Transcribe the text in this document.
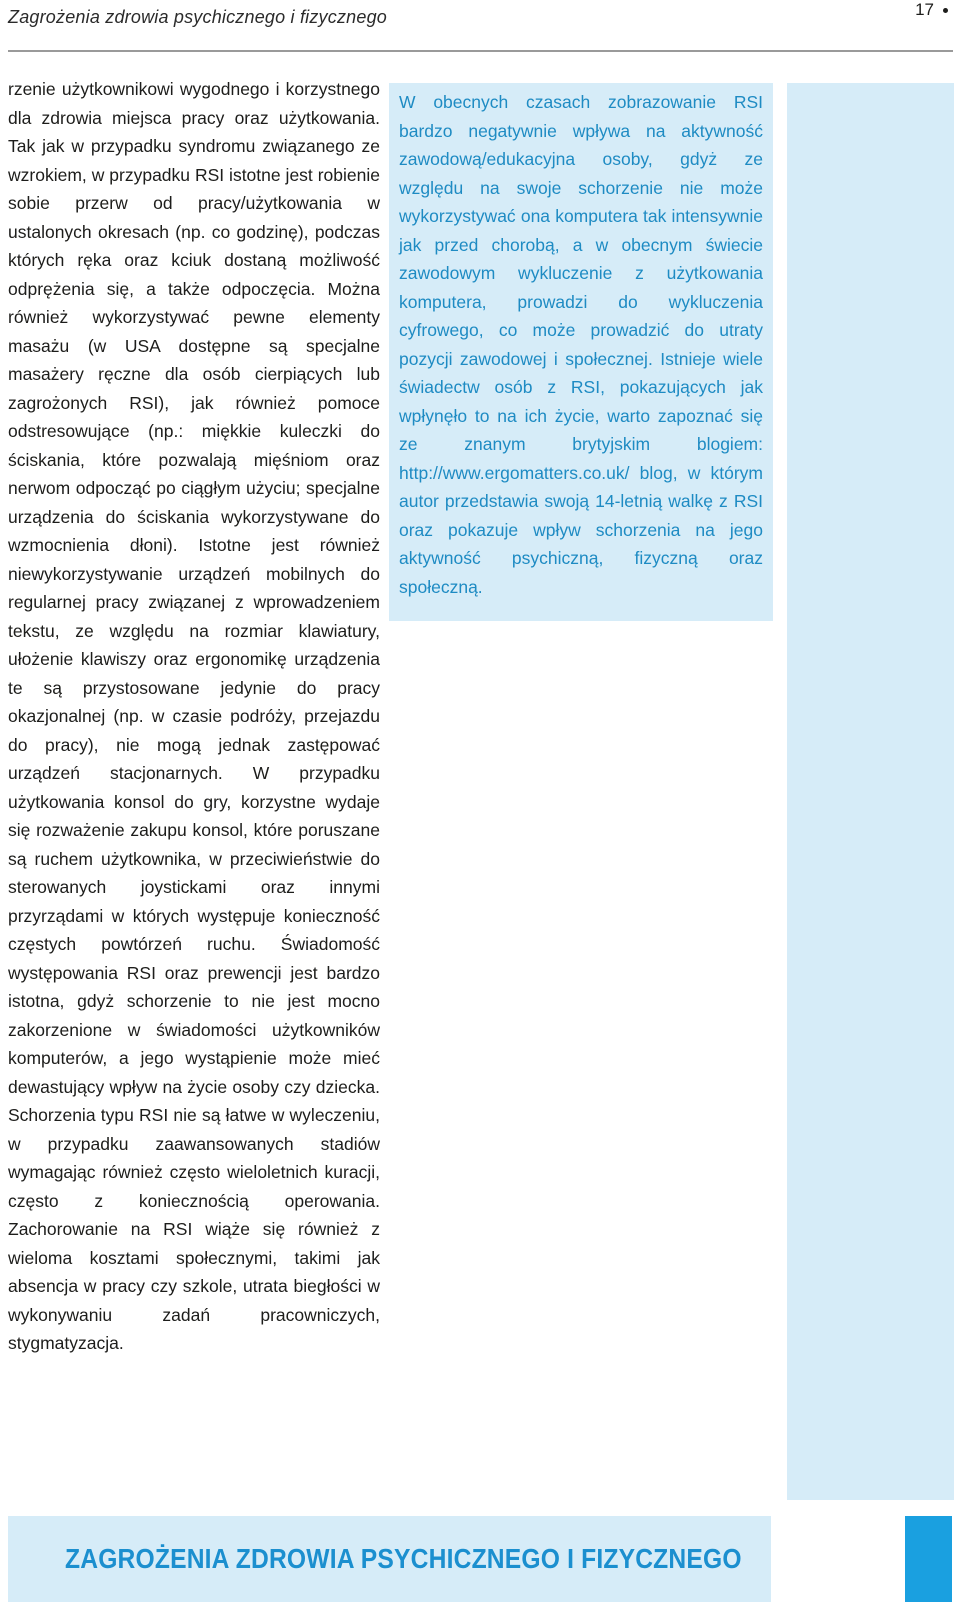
Zagrożenia zdrowia psychicznego i fizycznego	17

rzenie użytkownikowi wygodnego i korzystnego dla zdrowia miejsca pracy oraz użytkowania. Tak jak w przypadku syndromu związanego ze wzrokiem, w przypadku RSI istotne jest robienie sobie przerw od pracy/użytkowania w ustalonych okresach (np. co godzinę), podczas których ręka oraz kciuk dostaną możliwość odprężenia się, a także odpoczęcia. Można również wykorzystywać pewne elementy masażu (w USA dostępne są specjalne masażery ręczne dla osób cierpiących lub zagrożonych RSI), jak również pomoce odstresowujące (np.: miękkie kuleczki do ściskania, które pozwalają mięśniom oraz nerwom odpocząć po ciągłym użyciu; specjalne urządzenia do ściskania wykorzystywane do wzmocnienia dłoni). Istotne jest również niewykorzystywanie urządzeń mobilnych do regularnej pracy związanej z wprowadzeniem tekstu, ze względu na rozmiar klawiatury, ułożenie klawiszy oraz ergonomikę urządzenia te są przystosowane jedynie do pracy okazjonalnej (np. w czasie podróży, przejazdu do pracy), nie mogą jednak zastępować urządzeń stacjonarnych. W przypadku użytkowania konsol do gry, korzystne wydaje się rozważenie zakupu konsol, które poruszane są ruchem użytkownika, w przeciwieństwie do sterowanych joystickami oraz innymi przyrządami w których występuje konieczność częstych powtórzeń ruchu. Świadomość występowania RSI oraz prewencji jest bardzo istotna, gdyż schorzenie to nie jest mocno zakorzenione w świadomości użytkowników komputerów, a jego wystąpienie może mieć dewastujący wpływ na życie osoby czy dziecka. Schorzenia typu RSI nie są łatwe w wyleczeniu, w przypadku zaawansowanych stadiów wymagając również często wieloletnich kuracji, często z koniecznością operowania. Zachorowanie na RSI wiąże się również z wieloma kosztami społecznymi, takimi jak absencja w pracy czy szkole, utrata biegłości w wykonywaniu zadań pracowniczych, stygmatyzacja.

W obecnych czasach zobrazowanie RSI bardzo negatywnie wpływa na aktywność zawodową/edukacyjna osoby, gdyż ze względu na swoje schorzenie nie może wykorzystywać ona komputera tak intensywnie jak przed chorobą, a w obecnym świecie zawodowym wykluczenie z użytkowania komputera, prowadzi do wykluczenia cyfrowego, co może prowadzić do utraty pozycji zawodowej i społecznej. Istnieje wiele świadectw osób z RSI, pokazujących jak wpłynęło to na ich życie, warto zapoznać się ze znanym brytyjskim blogiem: http://www.ergomatters.co.uk/ blog, w którym autor przedstawia swoją 14-letnią walkę z RSI oraz pokazuje wpływ schorzenia na jego aktywność psychiczną, fizyczną oraz społeczną.

ZAGROŻENIA ZDROWIA PSYCHICZNEGO I FIZYCZNEGO
